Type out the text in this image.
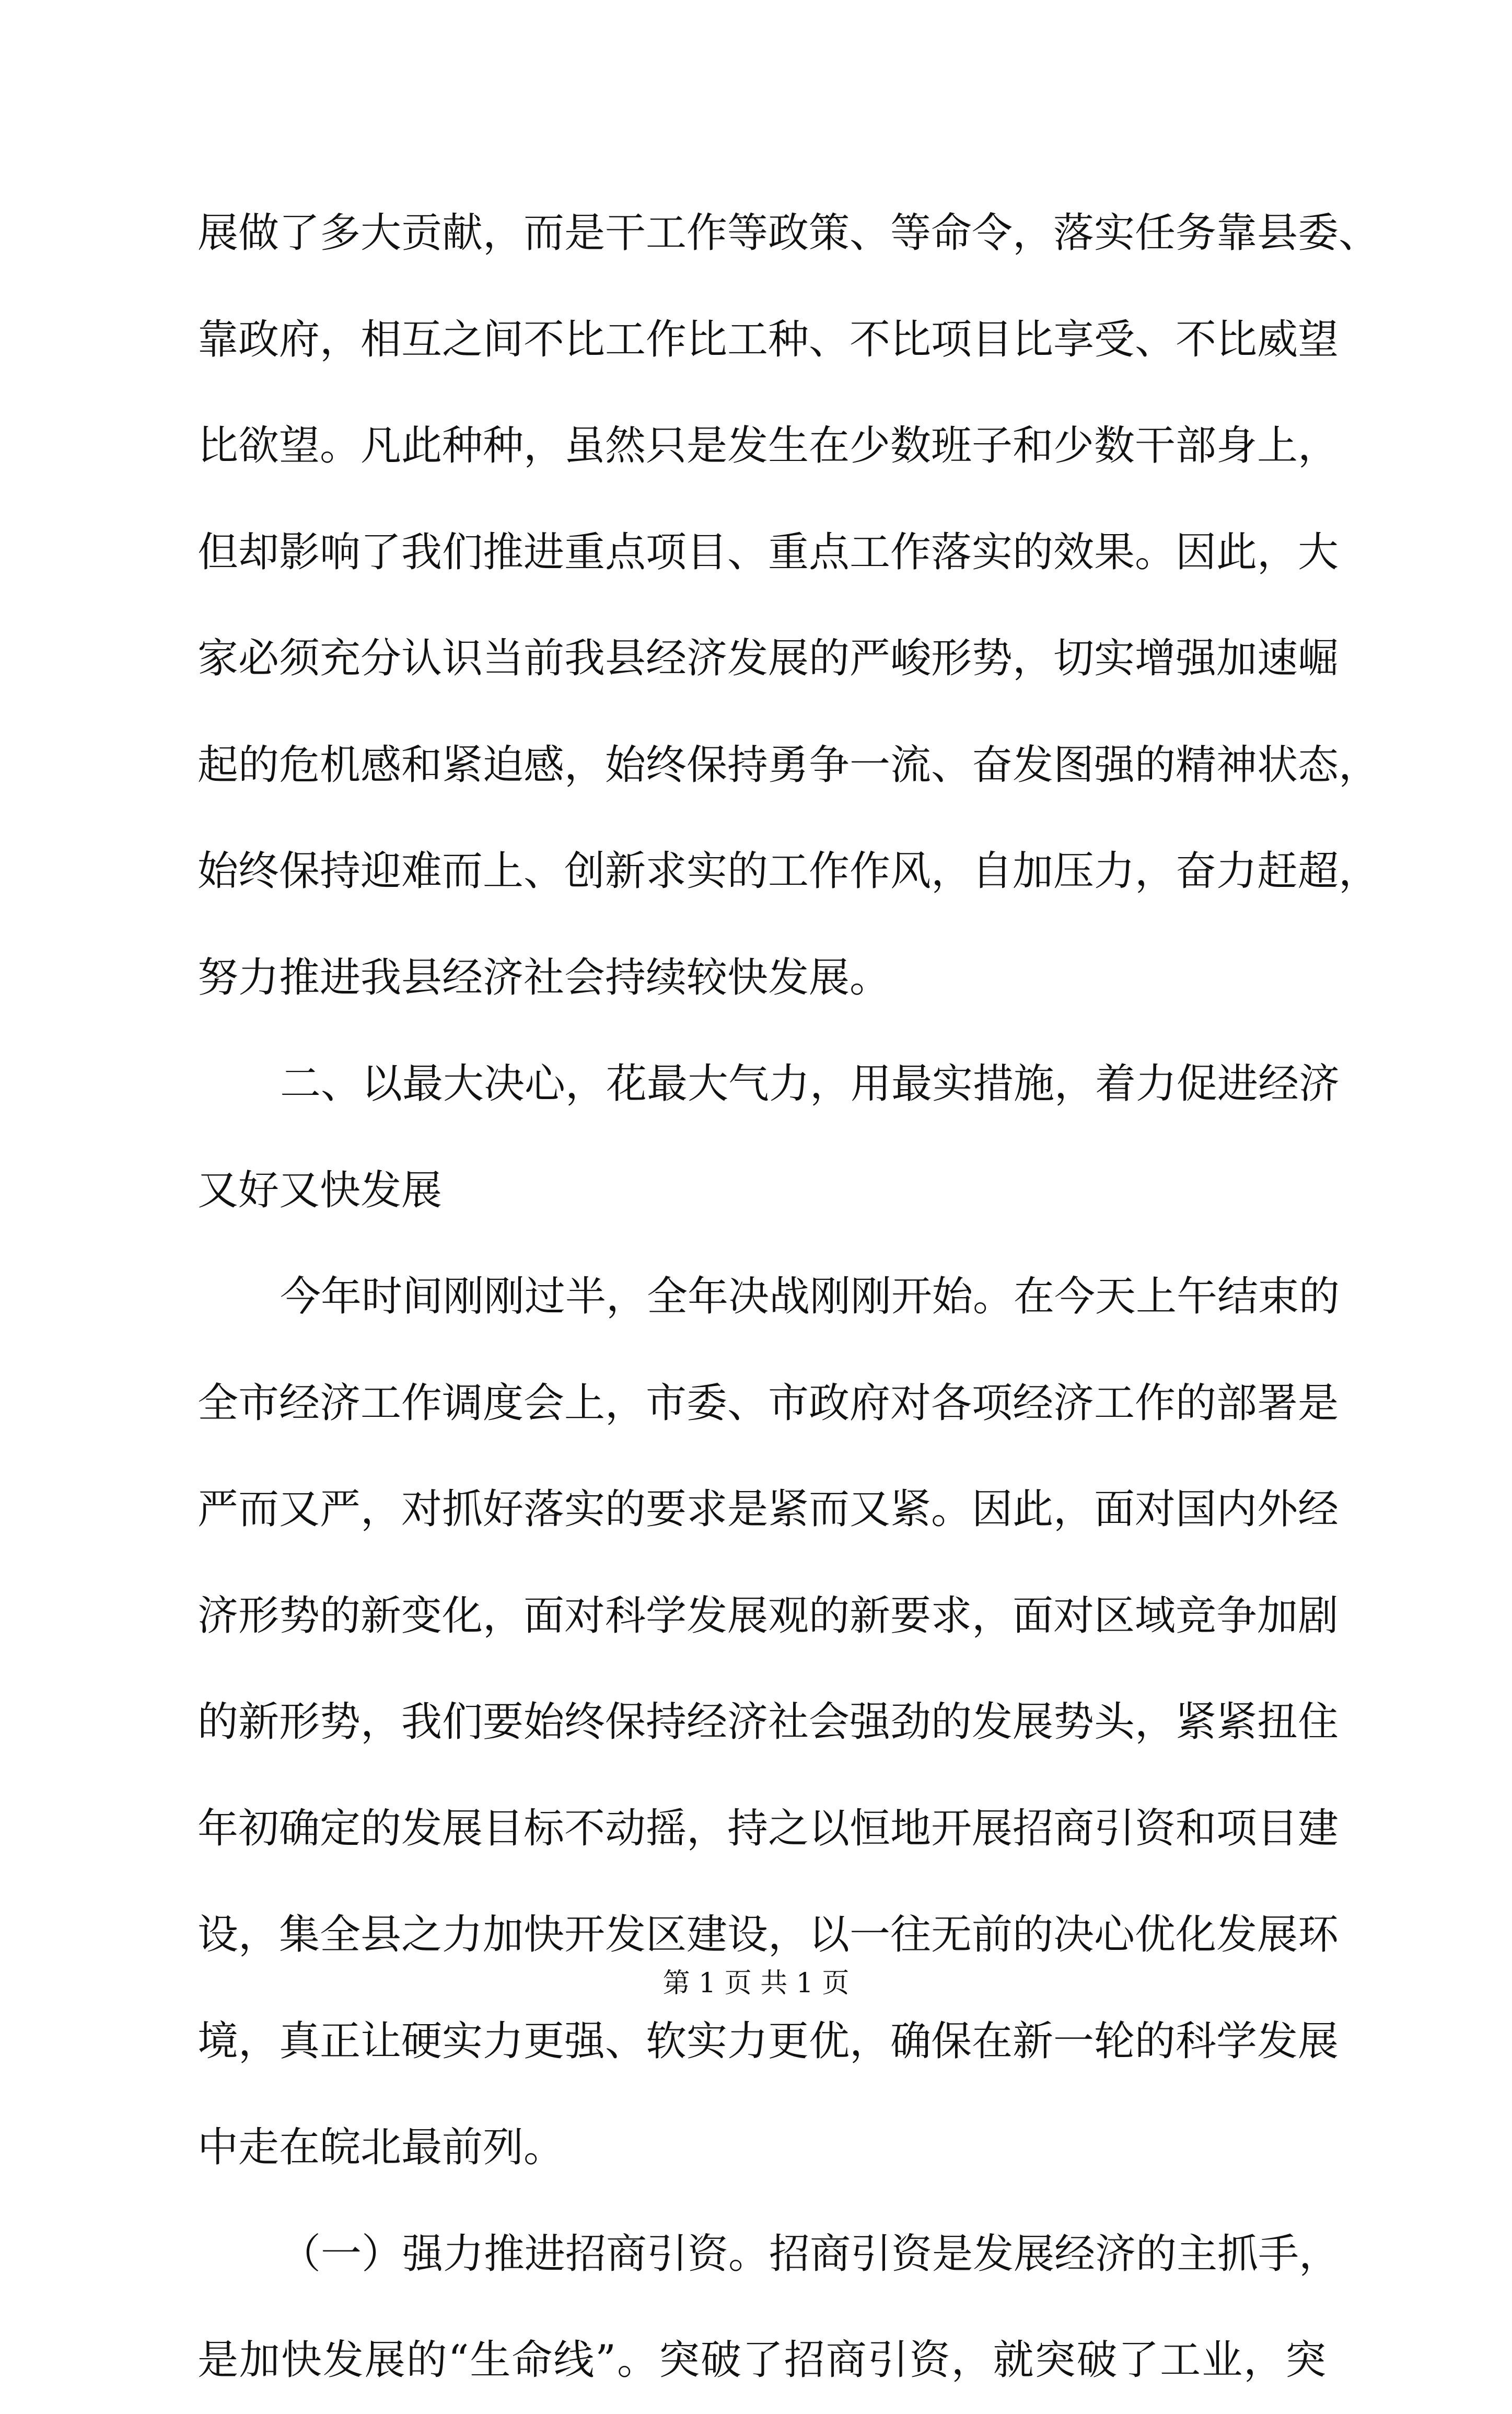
展做了多大贡献，而是干工作等政策、等命令，落实任务靠县委、
靠政府，相互之间不比工作比工种、不比项目比享受、不比威望
比欲望。凡此种种，虽然只是发生在少数班子和少数干部身上，
但却影响了我们推进重点项目、重点工作落实的效果。因此，大
家必须充分认识当前我县经济发展的严峻形势，切实增强加速崛
起的危机感和紧迫感，始终保持勇争一流、奋发图强的精神状态，
始终保持迎难而上、创新求实的工作作风，自加压力，奋力赶超，
努力推进我县经济社会持续较快发展。
二、以最大决心，花最大气力，用最实措施，着力促进经济
又好又快发展
今年时间刚刚过半，全年决战刚刚开始。在今天上午结束的
全市经济工作调度会上，市委、市政府对各项经济工作的部署是
严而又严，对抓好落实的要求是紧而又紧。因此，面对国内外经
济形势的新变化，面对科学发展观的新要求，面对区域竞争加剧
的新形势，我们要始终保持经济社会强劲的发展势头，紧紧扭住
年初确定的发展目标不动摇，持之以恒地开展招商引资和项目建
设，集全县之力加快开发区建设，以一往无前的决心优化发展环
境，真正让硬实力更强、软实力更优，确保在新一轮的科学发展
中走在皖北最前列。
（一）强力推进招商引资。招商引资是发展经济的主抓手，
是加快发展的“生命线”。突破了招商引资，就突破了工业，突
第 1 页 共 1 页
